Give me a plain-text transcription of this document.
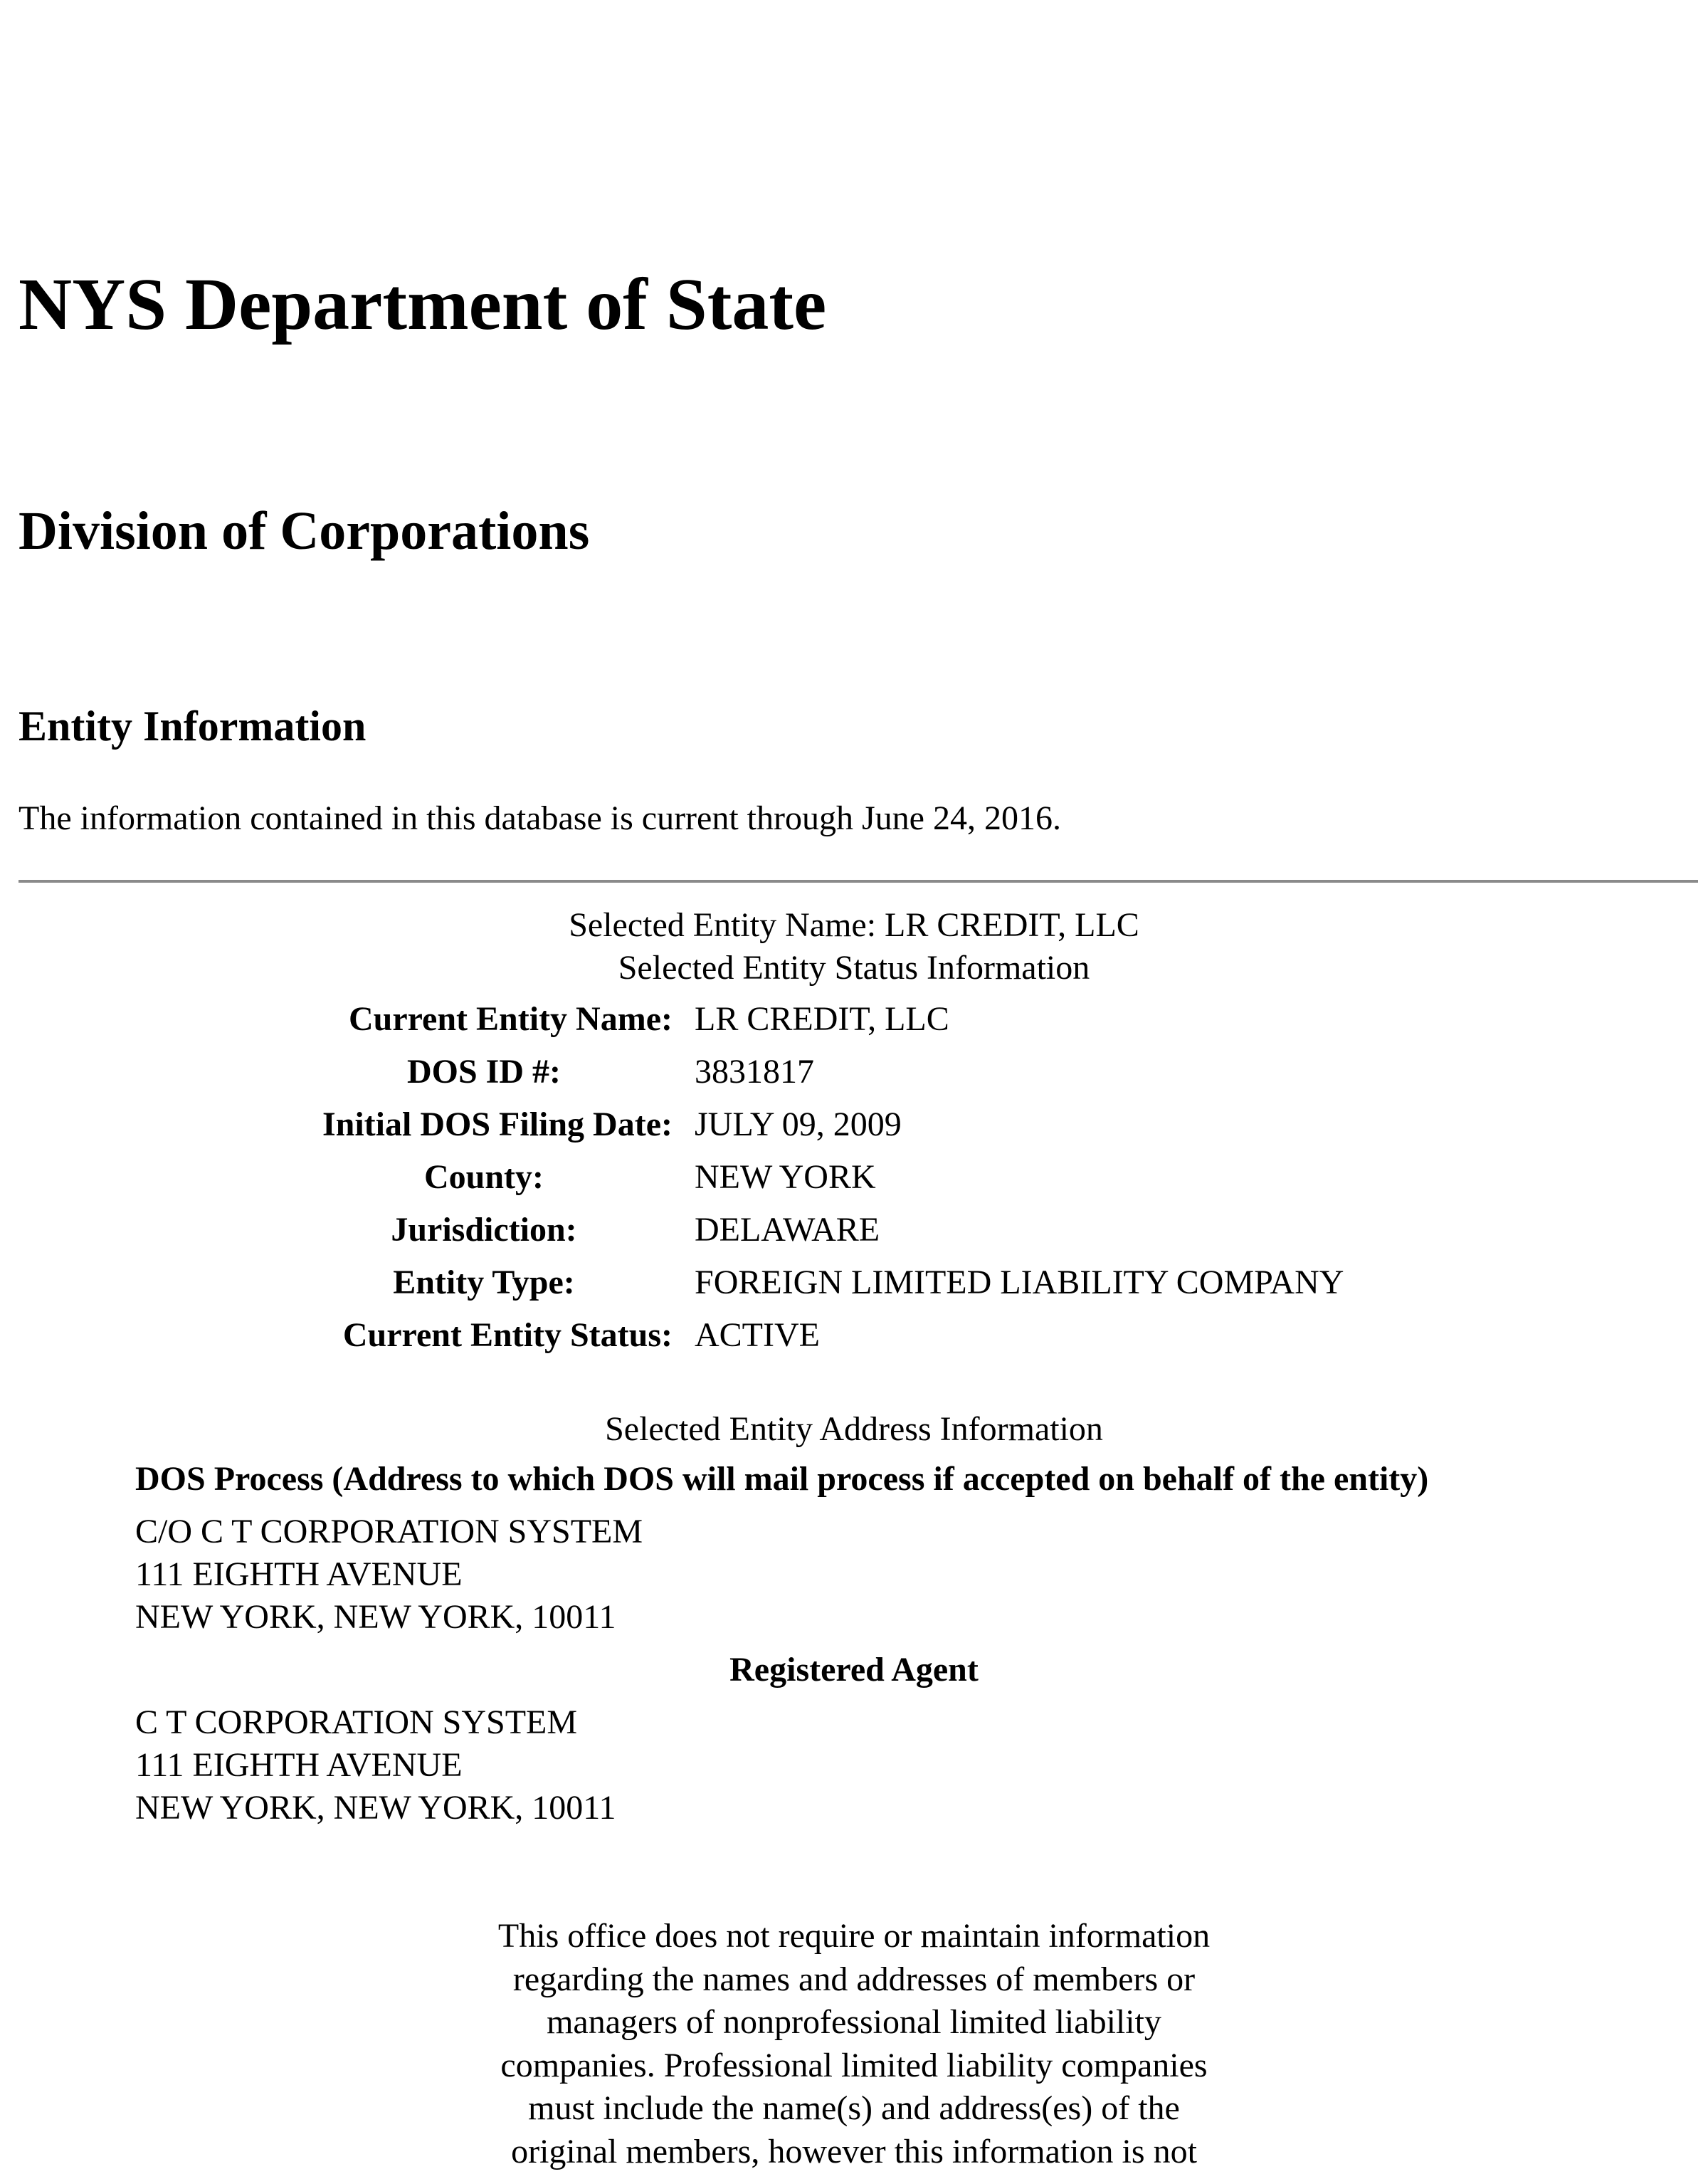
NYS Department of State
Division of Corporations
Entity Information
The information contained in this database is current through June 24, 2016.
Selected Entity Name: LR CREDIT, LLC
Selected Entity Status Information
Current Entity Name: LR CREDIT, LLC
DOS ID #:	3831817
Initial DOS Filing Date: JULY 09, 2009
County:	NEW YORK
Jurisdiction:	DELAWARE
Entity Type:	FOREIGN LIMITED LIABILITY COMPANY
Current Entity Status: ACTIVE
Selected Entity Address Information
DOS Process (Address to which DOS will mail process if accepted on behalf of the entity)
C/O C T CORPORATION SYSTEM
111 EIGHTH AVENUE
NEW YORK, NEW YORK, 10011
Registered Agent
C T CORPORATION SYSTEM
111 EIGHTH AVENUE
NEW YORK, NEW YORK, 10011
This office does not require or maintain information
regarding the names and addresses of members or
managers of nonprofessional limited liability
companies. Professional limited liability companies
must include the name(s) and address(es) of the
original members, however this information is not
